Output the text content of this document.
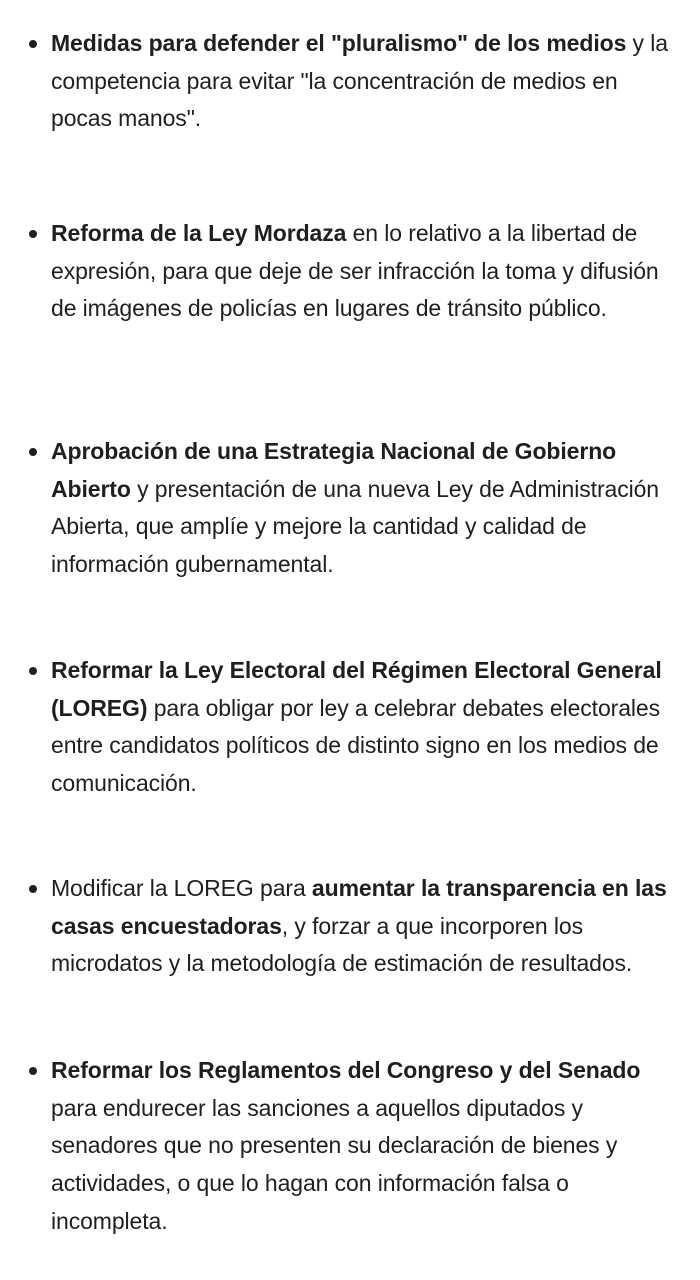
Medidas para defender el "pluralismo" de los medios y la competencia para evitar "la concentración de medios en pocas manos".
Reforma de la Ley Mordaza en lo relativo a la libertad de expresión, para que deje de ser infracción la toma y difusión de imágenes de policías en lugares de tránsito público.
Aprobación de una Estrategia Nacional de Gobierno Abierto y presentación de una nueva Ley de Administración Abierta, que amplíe y mejore la cantidad y calidad de información gubernamental.
Reformar la Ley Electoral del Régimen Electoral General (LOREG) para obligar por ley a celebrar debates electorales entre candidatos políticos de distinto signo en los medios de comunicación.
Modificar la LOREG para aumentar la transparencia en las casas encuestadoras, y forzar a que incorporen los microdatos y la metodología de estimación de resultados.
Reformar los Reglamentos del Congreso y del Senado para endurecer las sanciones a aquellos diputados y senadores que no presenten su declaración de bienes y actividades, o que lo hagan con información falsa o incompleta.
